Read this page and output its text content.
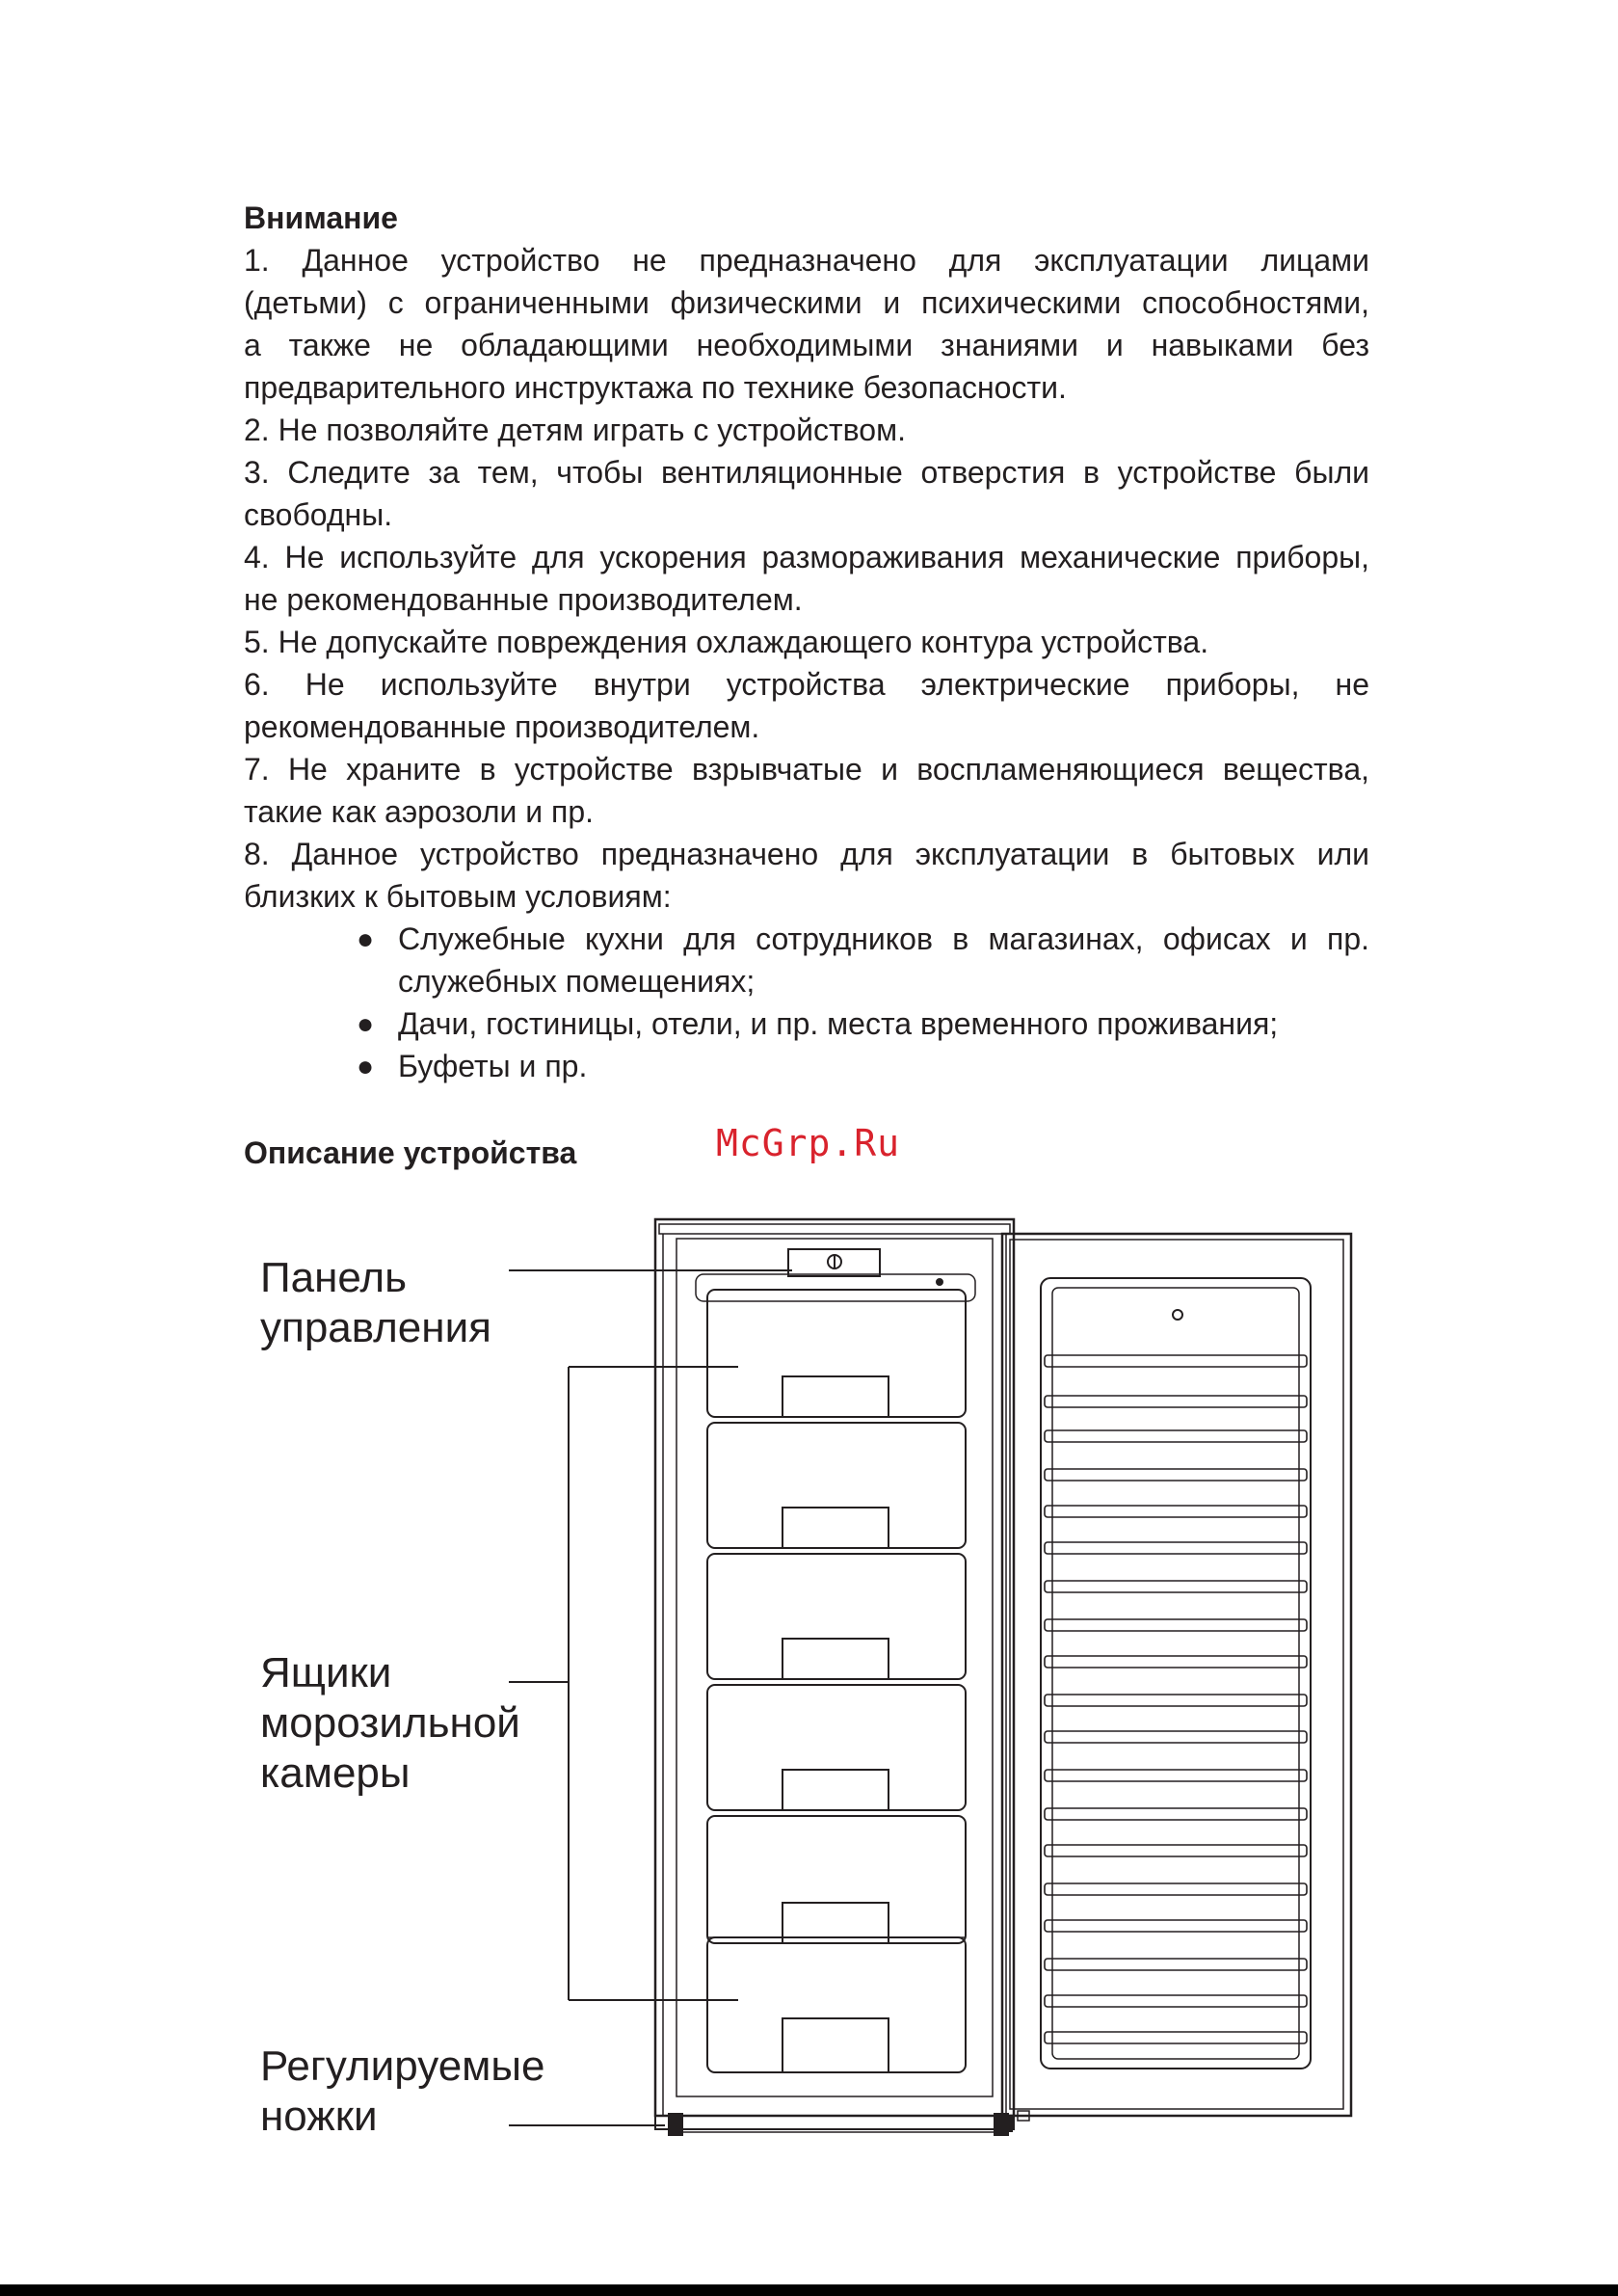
Внимание
1. Данное устройство не предназначено для эксплуатации лицами
(детьми) с ограниченными физическими и психическими способностями,
а также не обладающими необходимыми знаниями и навыками без
предварительного инструктажа по технике безопасности.
2. Не позволяйте детям играть с устройством.
3. Следите за тем, чтобы вентиляционные отверстия в устройстве были
свободны.
4. Не используйте для ускорения размораживания механические приборы,
не рекомендованные производителем.
5. Не допускайте повреждения охлаждающего контура устройства.
6. Не используйте внутри устройства электрические приборы, не
рекомендованные производителем.
7. Не храните в устройстве взрывчатые и воспламеняющиеся вещества,
такие как аэрозоли и пр.
8. Данное устройство предназначено для эксплуатации в бытовых или
близких к бытовым условиям:
● Служебные кухни для сотрудников в магазинах, офисах и пр.
служебных помещениях;
● Дачи, гостиницы, отели, и пр. места временного проживания;
● Буфеты и пр.
Описание устройства	McGrp.Ru
Панель
управления
Ящики
морозильной
камеры
Регулируемые
ножки
